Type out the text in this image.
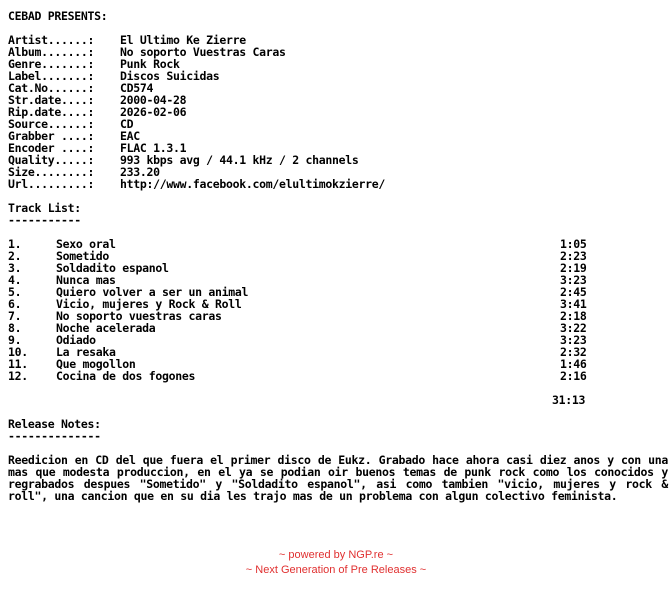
CEBAD PRESENTS:
Artist......:	El Ultimo Ke Zierre
Album.......:	No soporto Vuestras Caras
Genre.......:	Punk Rock
Label.......:	Discos Suicidas
Cat.No......:	CD574
Str.date....:	2000-04-28
Rip.date....:	2026-02-06
Source......:	CD
Grabber ....:	EAC
Encoder ....:	FLAC 1.3.1
Quality.....:	993 kbps avg / 44.1 kHz / 2 channels
Size........:	233.20
Url.........:	http://www.facebook.com/elultimokzierre/
Track List:
-----------
1.	Sexo oral	1:05
2.	Sometido	2:23
3.	Soldadito espanol	2:19
4.	Nunca mas	3:23
5.	Quiero volver a ser un animal	2:45
6.	Vicio, mujeres y Rock & Roll	3:41
7.	No soporto vuestras caras	2:18
8.	Noche acelerada	3:22
9.	Odiado	3:23
10. La resaka	2:32
11. Que mogollon	1:46
12. Cocina de dos fogones	2:16
31:13
Release Notes:
--------------
Reedicion en CD del que fuera el primer disco de Eukz. Grabado hace ahora casi diez anos y con una mas que modesta produccion, en el ya se podian oir buenos temas de punk rock como los conocidos y regrabados despues "Sometido" y "Soldadito espanol", asi como tambien "vicio, mujeres y rock & roll", una cancion que en su dia les trajo mas de un problema con algun colectivo feminista.
~ powered by NGP.re ~
~ Next Generation of Pre Releases ~
